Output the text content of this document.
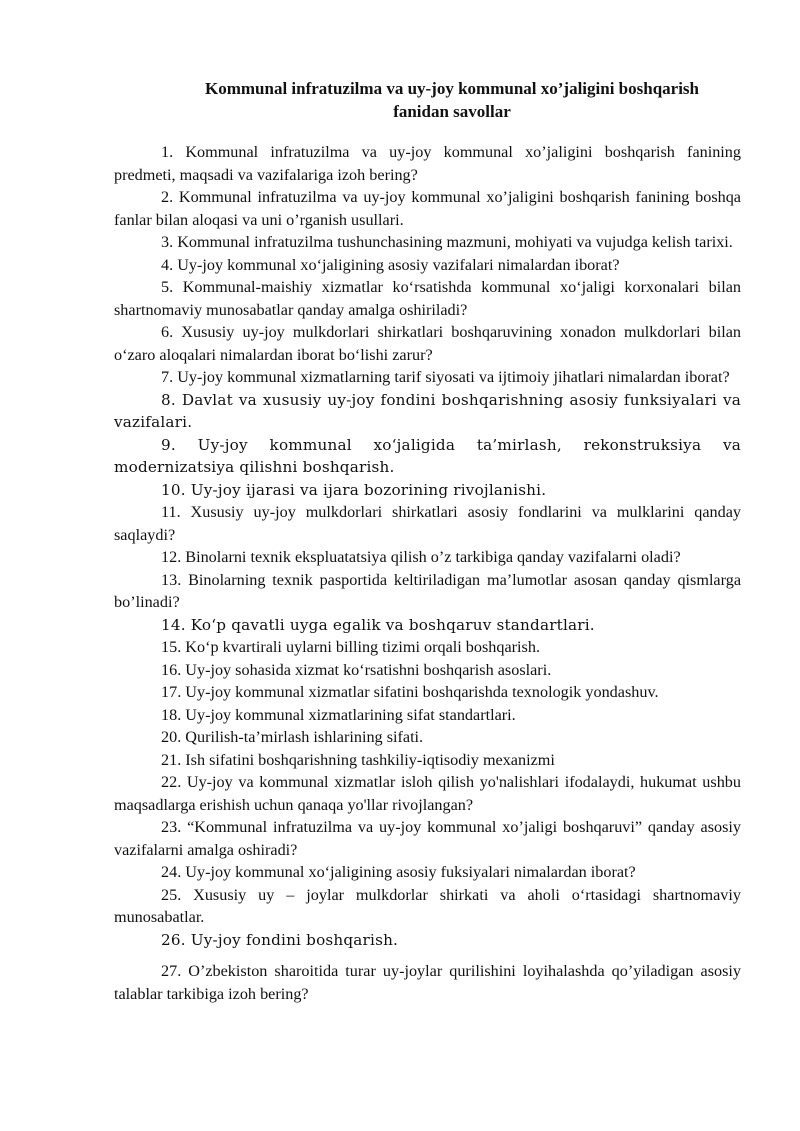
Kommunal infratuzilma va uy-joy kommunal xo’jaligini boshqarish
fanidan savollar

1. Kommunal infratuzilma va uy-joy kommunal xo’jaligini boshqarish fanining predmeti, maqsadi va vazifalariga izoh bering?

2. Kommunal infratuzilma va uy-joy kommunal xo’jaligini boshqarish fanining boshqa fanlar bilan aloqasi va uni o’rganish usullari.

3. Kommunal infratuzilma tushunchasining mazmuni, mohiyati va vujudga kelish tarixi.

4. Uy-joy kommunal xoʻjaligining asosiy vazifalari nimalardan iborat?

5. Kommunal-maishiy xizmatlar koʻrsatishda kommunal xoʻjaligi korxonalari bilan shartnomaviy munosabatlar qanday amalga oshiriladi?

6. Xususiy uy-joy mulkdorlari shirkatlari boshqaruvining xonadon mulkdorlari bilan oʻzaro aloqalari nimalardan iborat boʻlishi zarur?

7. Uy-joy kommunal xizmatlarning tarif siyosati va ijtimoiy jihatlari nimalardan iborat?

8. Davlat va xususiy uy-joy fondini boshqarishning asosiy funksiyalari va vazifalari.

9. Uy-joy kommunal xoʻjaligida ta’mirlash, rekonstruksiya va modernizatsiya qilishni boshqarish.

10. Uy-joy ijarasi va ijara bozorining rivojlanishi.

11. Xususiy uy-joy mulkdorlari shirkatlari asosiy fondlarini va mulklarini qanday saqlaydi?

12. Binolarni texnik ekspluatatsiya qilish o’z tarkibiga qanday vazifalarni oladi?

13. Binolarning texnik pasportida keltiriladigan ma’lumotlar asosan qanday qismlarga bo’linadi?

14. Koʻp qavatli uyga egalik va boshqaruv standartlari.

15. Koʻp kvartirali uylarni billing tizimi orqali boshqarish.

16. Uy-joy sohasida xizmat koʻrsatishni boshqarish asoslari.

17. Uy-joy kommunal xizmatlar sifatini boshqarishda texnologik yondashuv.

18. Uy-joy kommunal xizmatlarining sifat standartlari.

20. Qurilish-ta’mirlash ishlarining sifati.

21. Ish sifatini boshqarishning tashkiliy-iqtisodiy mexanizmi

22. Uy-joy va kommunal xizmatlar isloh qilish yo'nalishlari ifodalaydi, hukumat ushbu maqsadlarga erishish uchun qanaqa yo'llar rivojlangan?

23. “Kommunal infratuzilma va uy-joy kommunal xo’jaligi boshqaruvi” qanday asosiy vazifalarni amalga oshiradi?

24. Uy-joy kommunal xoʻjaligining asosiy fuksiyalari nimalardan iborat?

25. Xususiy uy – joylar mulkdorlar shirkati va aholi oʻrtasidagi shartnomaviy munosabatlar.

26. Uy-joy fondini boshqarish.

27. O’zbekiston sharoitida turar uy-joylar qurilishini loyihalashda qo’yiladigan asosiy talablar tarkibiga izoh bering?
